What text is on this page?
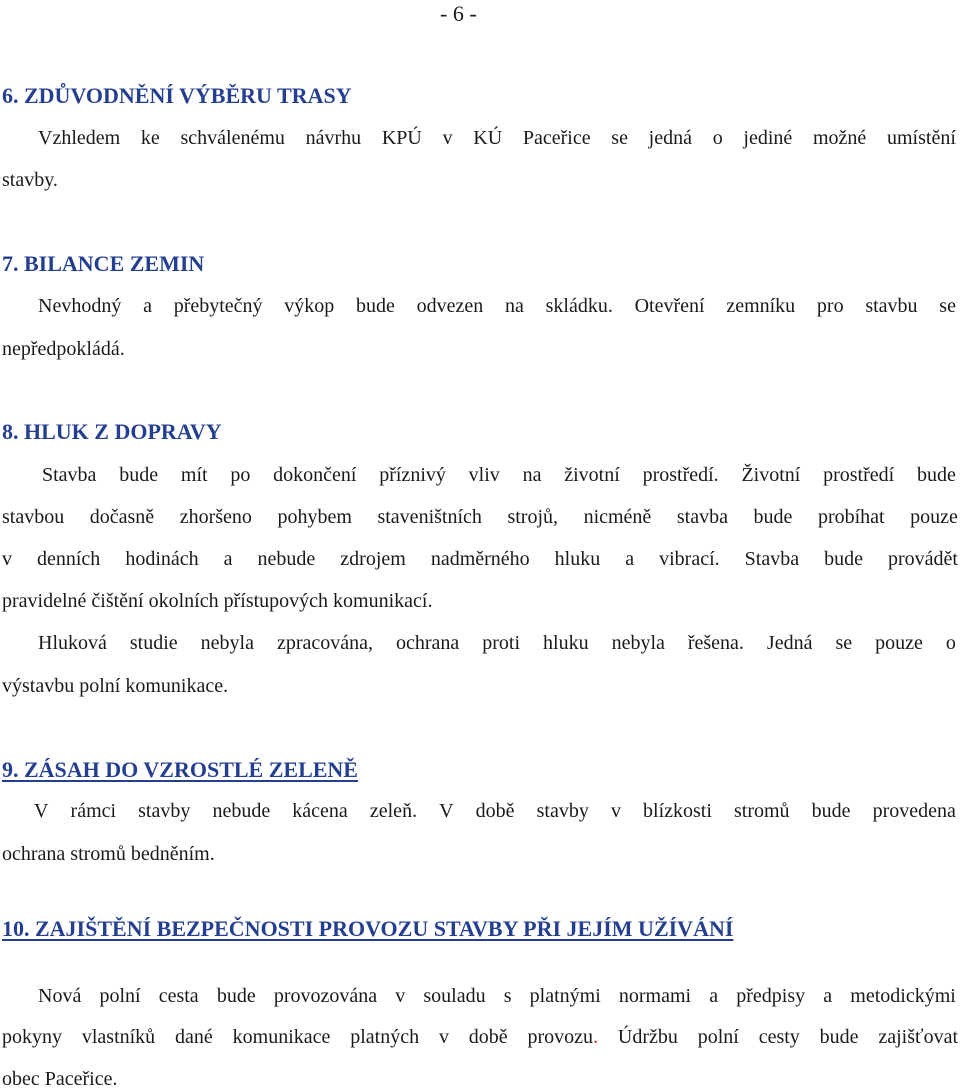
- 6 -
6. ZDŮVODNĚNÍ VÝBĚRU TRASY
Vzhledem ke schválenému návrhu KPÚ v KÚ Paceřice se jedná o jediné možné umístění
stavby.
7. BILANCE ZEMIN
Nevhodný a přebytečný výkop bude odvezen na skládku. Otevření zemníku pro stavbu se
nepředpokládá.
8. HLUK Z DOPRAVY
Stavba bude mít po dokončení příznivý vliv na životní prostředí. Životní prostředí bude
stavbou dočasně zhoršeno pohybem staveništních strojů, nicméně stavba bude probíhat pouze
v denních hodinách a nebude zdrojem nadměrného hluku a vibrací. Stavba bude provádět
pravidelné čištění okolních přístupových komunikací.
Hluková studie nebyla zpracována, ochrana proti hluku nebyla řešena. Jedná se pouze o
výstavbu polní komunikace.
9. ZÁSAH DO VZROSTLÉ ZELENĚ
V rámci stavby nebude kácena zeleň. V době stavby v blízkosti stromů bude provedena
ochrana stromů bedněním.
10. ZAJIŠTĚNÍ BEZPEČNOSTI PROVOZU STAVBY PŘI JEJÍM UŽÍVÁNÍ
Nová polní cesta bude provozována v souladu s platnými normami a předpisy a metodickými
pokyny vlastníků dané komunikace platných v době provozu. Údržbu polní cesty bude zajišťovat
obec Paceřice.
